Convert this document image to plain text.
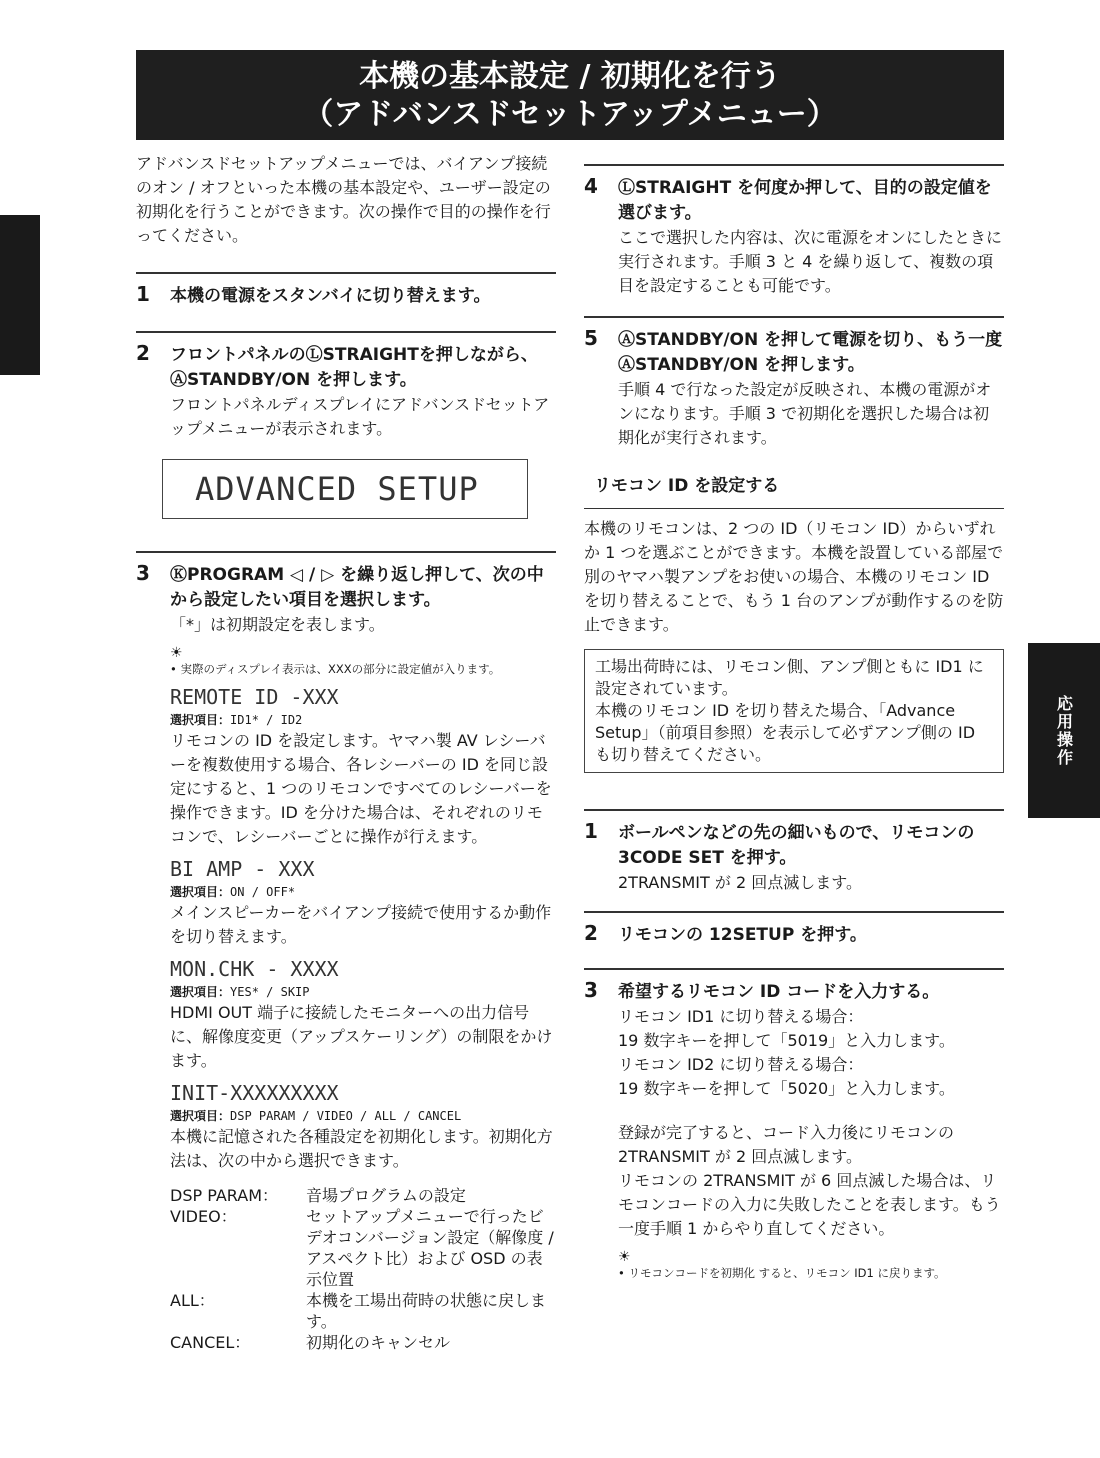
応用操作
本機の基本設定 / 初期化を行う
（アドバンスドセットアップメニュー）

アドバンスドセットアップメニューでは、バイアンプ接続のオン / オフといった本機の基本設定や、ユーザー設定の初期化を行うことができます。次の操作で目的の操作を行ってください。

1 本機の電源をスタンバイに切り替えます。
2 フロントパネルのⓁSTRAIGHTを押しながら、ⒶSTANDBY/ON を押します。
フロントパネルディスプレイにアドバンスドセットアップメニューが表示されます。
ADVANCED SETUP
3 ⓀPROGRAM ◁ / ▷ を繰り返し押して、次の中から設定したい項目を選択します。
「*」は初期設定を表します。
☀
• 実際のディスプレイ表示は、XXXの部分に設定値が入ります。
REMOTE ID -XXX
選択項目：ID1* / ID2
リモコンの ID を設定します。ヤマハ製 AV レシーバーを複数使用する場合、各レシーバーの ID を同じ設定にすると、1 つのリモコンですべてのレシーバーを操作できます。ID を分けた場合は、それぞれのリモコンで、レシーバーごとに操作が行えます。
BI AMP - XXX
選択項目：ON / OFF*
メインスピーカーをバイアンプ接続で使用するか動作を切り替えます。
MON.CHK - XXXX
選択項目：YES* / SKIP
HDMI OUT 端子に接続したモニターへの出力信号に、解像度変更（アップスケーリング）の制限をかけます。
INIT-XXXXXXXXX
選択項目：DSP PARAM / VIDEO / ALL / CANCEL
本機に記憶された各種設定を初期化します。初期化方法は、次の中から選択できます。
DSP PARAM：	音場プログラムの設定
VIDEO：	セットアップメニューで行ったビデオコンバージョン設定（解像度 / アスペクト比）および OSD の表示位置
ALL：	本機を工場出荷時の状態に戻します。
CANCEL：	初期化のキャンセル
4 ⓁSTRAIGHT を何度か押して、目的の設定値を選びます。
ここで選択した内容は、次に電源をオンにしたときに実行されます。手順 3 と 4 を繰り返して、複数の項目を設定することも可能です。
5 ⒶSTANDBY/ON を押して電源を切り、もう一度 ⒶSTANDBY/ON を押します。
手順 4 で行なった設定が反映され、本機の電源がオンになります。手順 3 で初期化を選択した場合は初期化が実行されます。
リモコン ID を設定する

本機のリモコンは、2 つの ID（リモコン ID）からいずれか 1 つを選ぶことができます。本機を設置している部屋で別のヤマハ製アンプをお使いの場合、本機のリモコン ID を切り替えることで、もう 1 台のアンプが動作するのを防止できます。

工場出荷時には、リモコン側、アンプ側ともに ID1 に設定されています。

本機のリモコン ID を切り替えた場合、「Advance Setup」（前項目参照）を表示して必ずアンプ側の ID も切り替えてください。

1 ボールペンなどの先の細いもので、リモコンの 3CODE SET を押す。
2TRANSMIT が 2 回点滅します。
2 リモコンの 12SETUP を押す。
3 希望するリモコン ID コードを入力する。
リモコン ID1 に切り替える場合：
19 数字キーを押して「5019」と入力します。
リモコン ID2 に切り替える場合：
19 数字キーを押して「5020」と入力します。
登録が完了すると、コード入力後にリモコンの 2TRANSMIT が 2 回点滅します。
リモコンの 2TRANSMIT が 6 回点滅した場合は、リモコンコードの入力に失敗したことを表します。もう一度手順 1 からやり直してください。
☀
• リモコンコードを初期化 すると、リモコン ID1 に戻ります。
